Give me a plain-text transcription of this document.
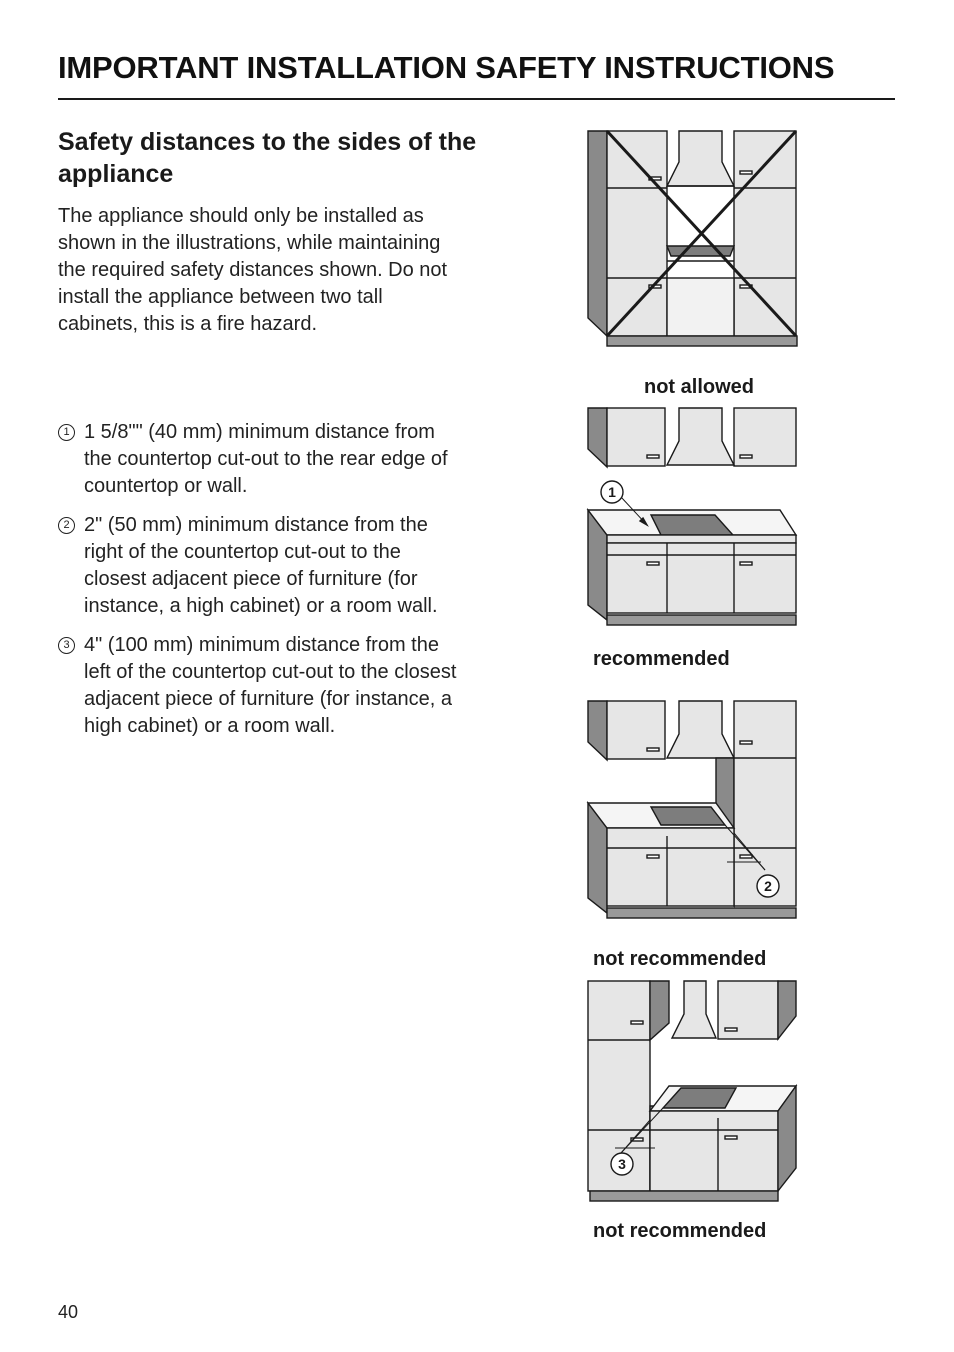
IMPORTANT INSTALLATION SAFETY INSTRUCTIONS
Safety distances to the sides of the appliance

The appliance should only be installed as shown in the illustrations, while maintaining the required safety distances shown. Do not install the appliance between two tall cabinets, this is a fire hazard.

1 1 5/8"" (40 mm) minimum distance from the countertop cut-out to the rear edge of countertop or wall.
2 2" (50 mm) minimum distance from the right of the countertop cut-out to the closest adjacent piece of furniture (for instance, a high cabinet) or a room wall.
3 4" (100 mm) minimum distance from the left of the countertop cut-out to the closest adjacent piece of furniture (for instance, a high cabinet) or a room wall.
not allowed
1
recommended
2
not recommended
3
not recommended
40
